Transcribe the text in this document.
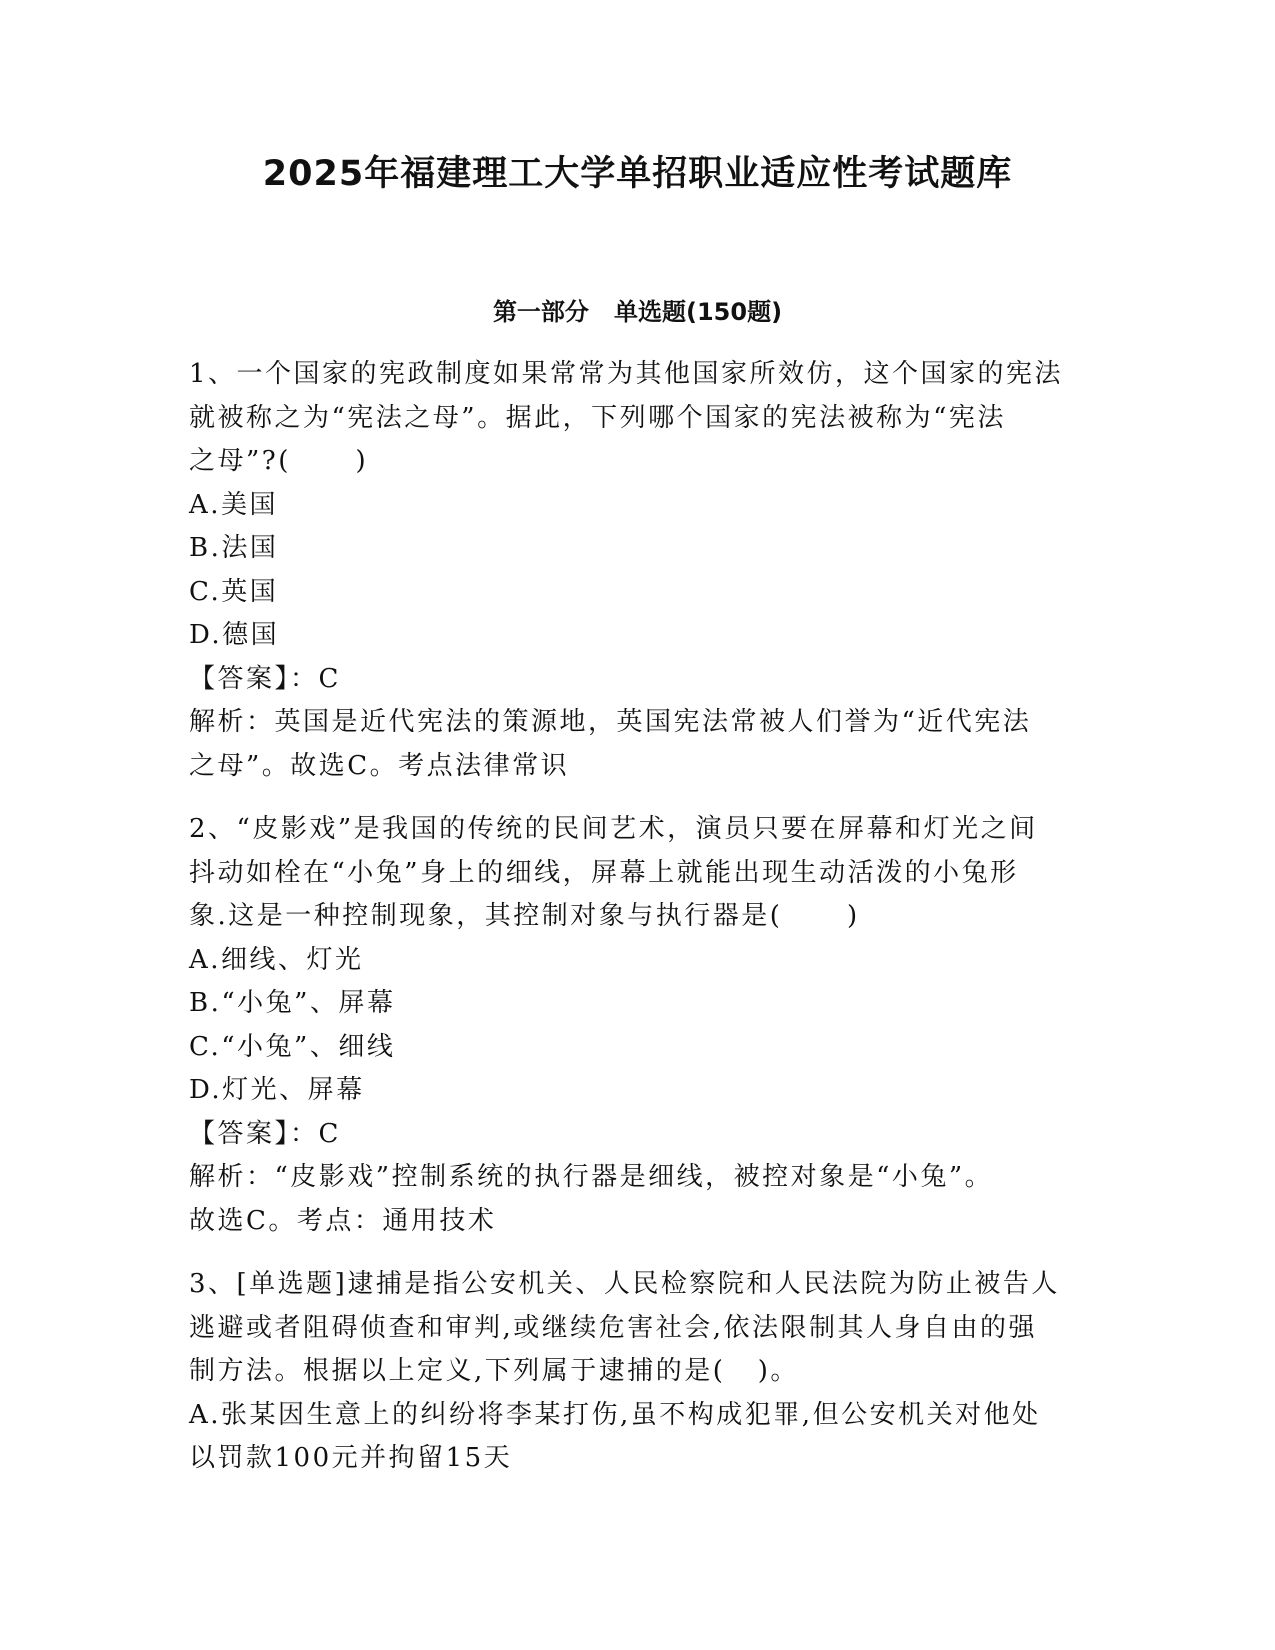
2025年福建理工大学单招职业适应性考试题库
第一部分   单选题(150题)
1、一个国家的宪政制度如果常常为其他国家所效仿，这个国家的宪法
就被称之为“宪法之母”。据此，下列哪个国家的宪法被称为“宪法
之母”?(      )
A.美国
B.法国
C.英国
D.德国
【答案】：C
解析：英国是近代宪法的策源地，英国宪法常被人们誉为“近代宪法
之母”。故选C。考点法律常识
2、“皮影戏”是我国的传统的民间艺术，演员只要在屏幕和灯光之间
抖动如栓在“小兔”身上的细线，屏幕上就能出现生动活泼的小兔形
象.这是一种控制现象，其控制对象与执行器是(      )
A.细线、灯光
B.“小兔”、屏幕
C.“小兔”、细线
D.灯光、屏幕
【答案】：C
解析：“皮影戏”控制系统的执行器是细线，被控对象是“小兔”。
故选C。考点：通用技术
3、[单选题]逮捕是指公安机关、人民检察院和人民法院为防止被告人
逃避或者阻碍侦查和审判,或继续危害社会,依法限制其人身自由的强
制方法。根据以上定义,下列属于逮捕的是(   )。
A.张某因生意上的纠纷将李某打伤,虽不构成犯罪,但公安机关对他处
以罚款100元并拘留15天
